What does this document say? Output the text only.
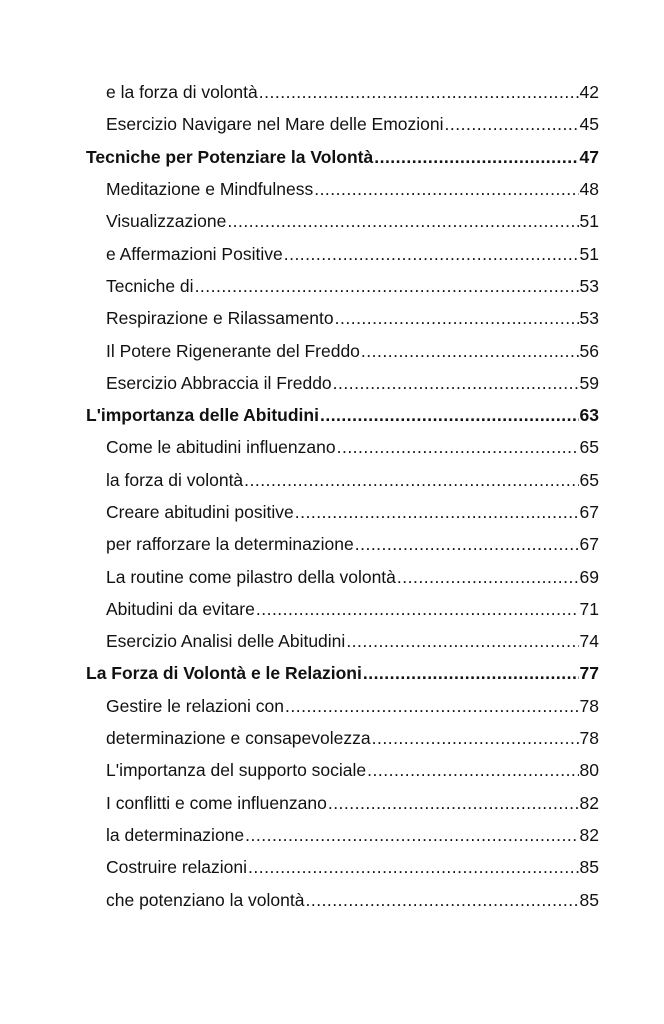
e la forza di volontà .....	42
Esercizio Navigare nel Mare delle Emozioni .....	45
Tecniche per Potenziare la Volontà .....	47
Meditazione e Mindfulness .....	48
Visualizzazione .....	51
e Affermazioni Positive .....	51
Tecniche di .....	53
Respirazione e Rilassamento .....	53
Il Potere Rigenerante del Freddo .....	56
Esercizio Abbraccia il Freddo .....	59
L'importanza delle Abitudini .....	63
Come le abitudini influenzano .....	65
la forza di volontà .....	65
Creare abitudini positive .....	67
per rafforzare la determinazione .....	67
La routine come pilastro della volontà .....	69
Abitudini da evitare .....	71
Esercizio Analisi delle Abitudini .....	74
La Forza di Volontà e le Relazioni .....	77
Gestire le relazioni con .....	78
determinazione e consapevolezza .....	78
L'importanza del supporto sociale .....	80
I conflitti e come influenzano .....	82
la determinazione .....	82
Costruire relazioni .....	85
che potenziano la volontà .....	85
